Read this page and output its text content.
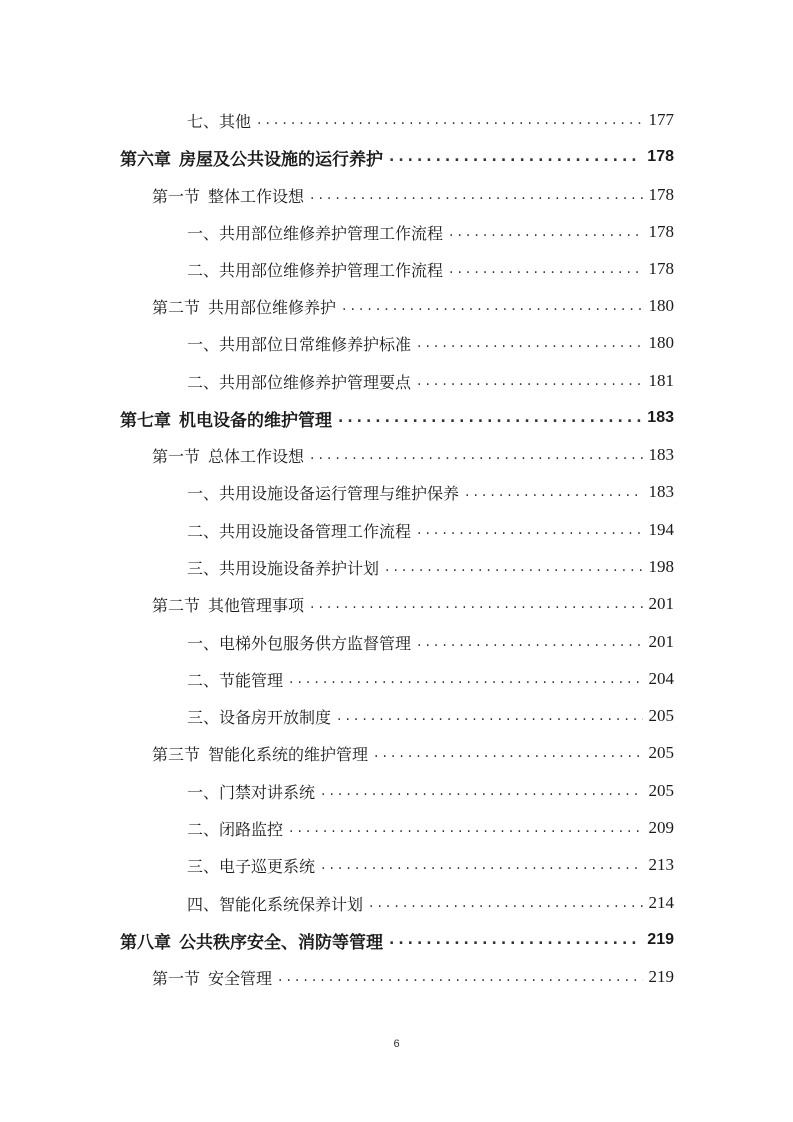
七、其他 .....	177
第六章 房屋及公共设施的运行养护 .....	178
第一节 整体工作设想 .....	178
一、共用部位维修养护管理工作流程 .....	178
二、共用部位维修养护管理工作流程 .....	178
第二节 共用部位维修养护 .....	180
一、共用部位日常维修养护标准 .....	180
二、共用部位维修养护管理要点 .....	181
第七章 机电设备的维护管理 .....	183
第一节 总体工作设想 .....	183
一、共用设施设备运行管理与维护保养 .....	183
二、共用设施设备管理工作流程 .....	194
三、共用设施设备养护计划 .....	198
第二节 其他管理事项 .....	201
一、电梯外包服务供方监督管理 .....	201
二、节能管理 .....	204
三、设备房开放制度 .....	205
第三节 智能化系统的维护管理 .....	205
一、门禁对讲系统 .....	205
二、闭路监控 .....	209
三、电子巡更系统 .....	213
四、智能化系统保养计划 .....	214
第八章 公共秩序安全、消防等管理 .....	219
第一节 安全管理 .....	219
6
